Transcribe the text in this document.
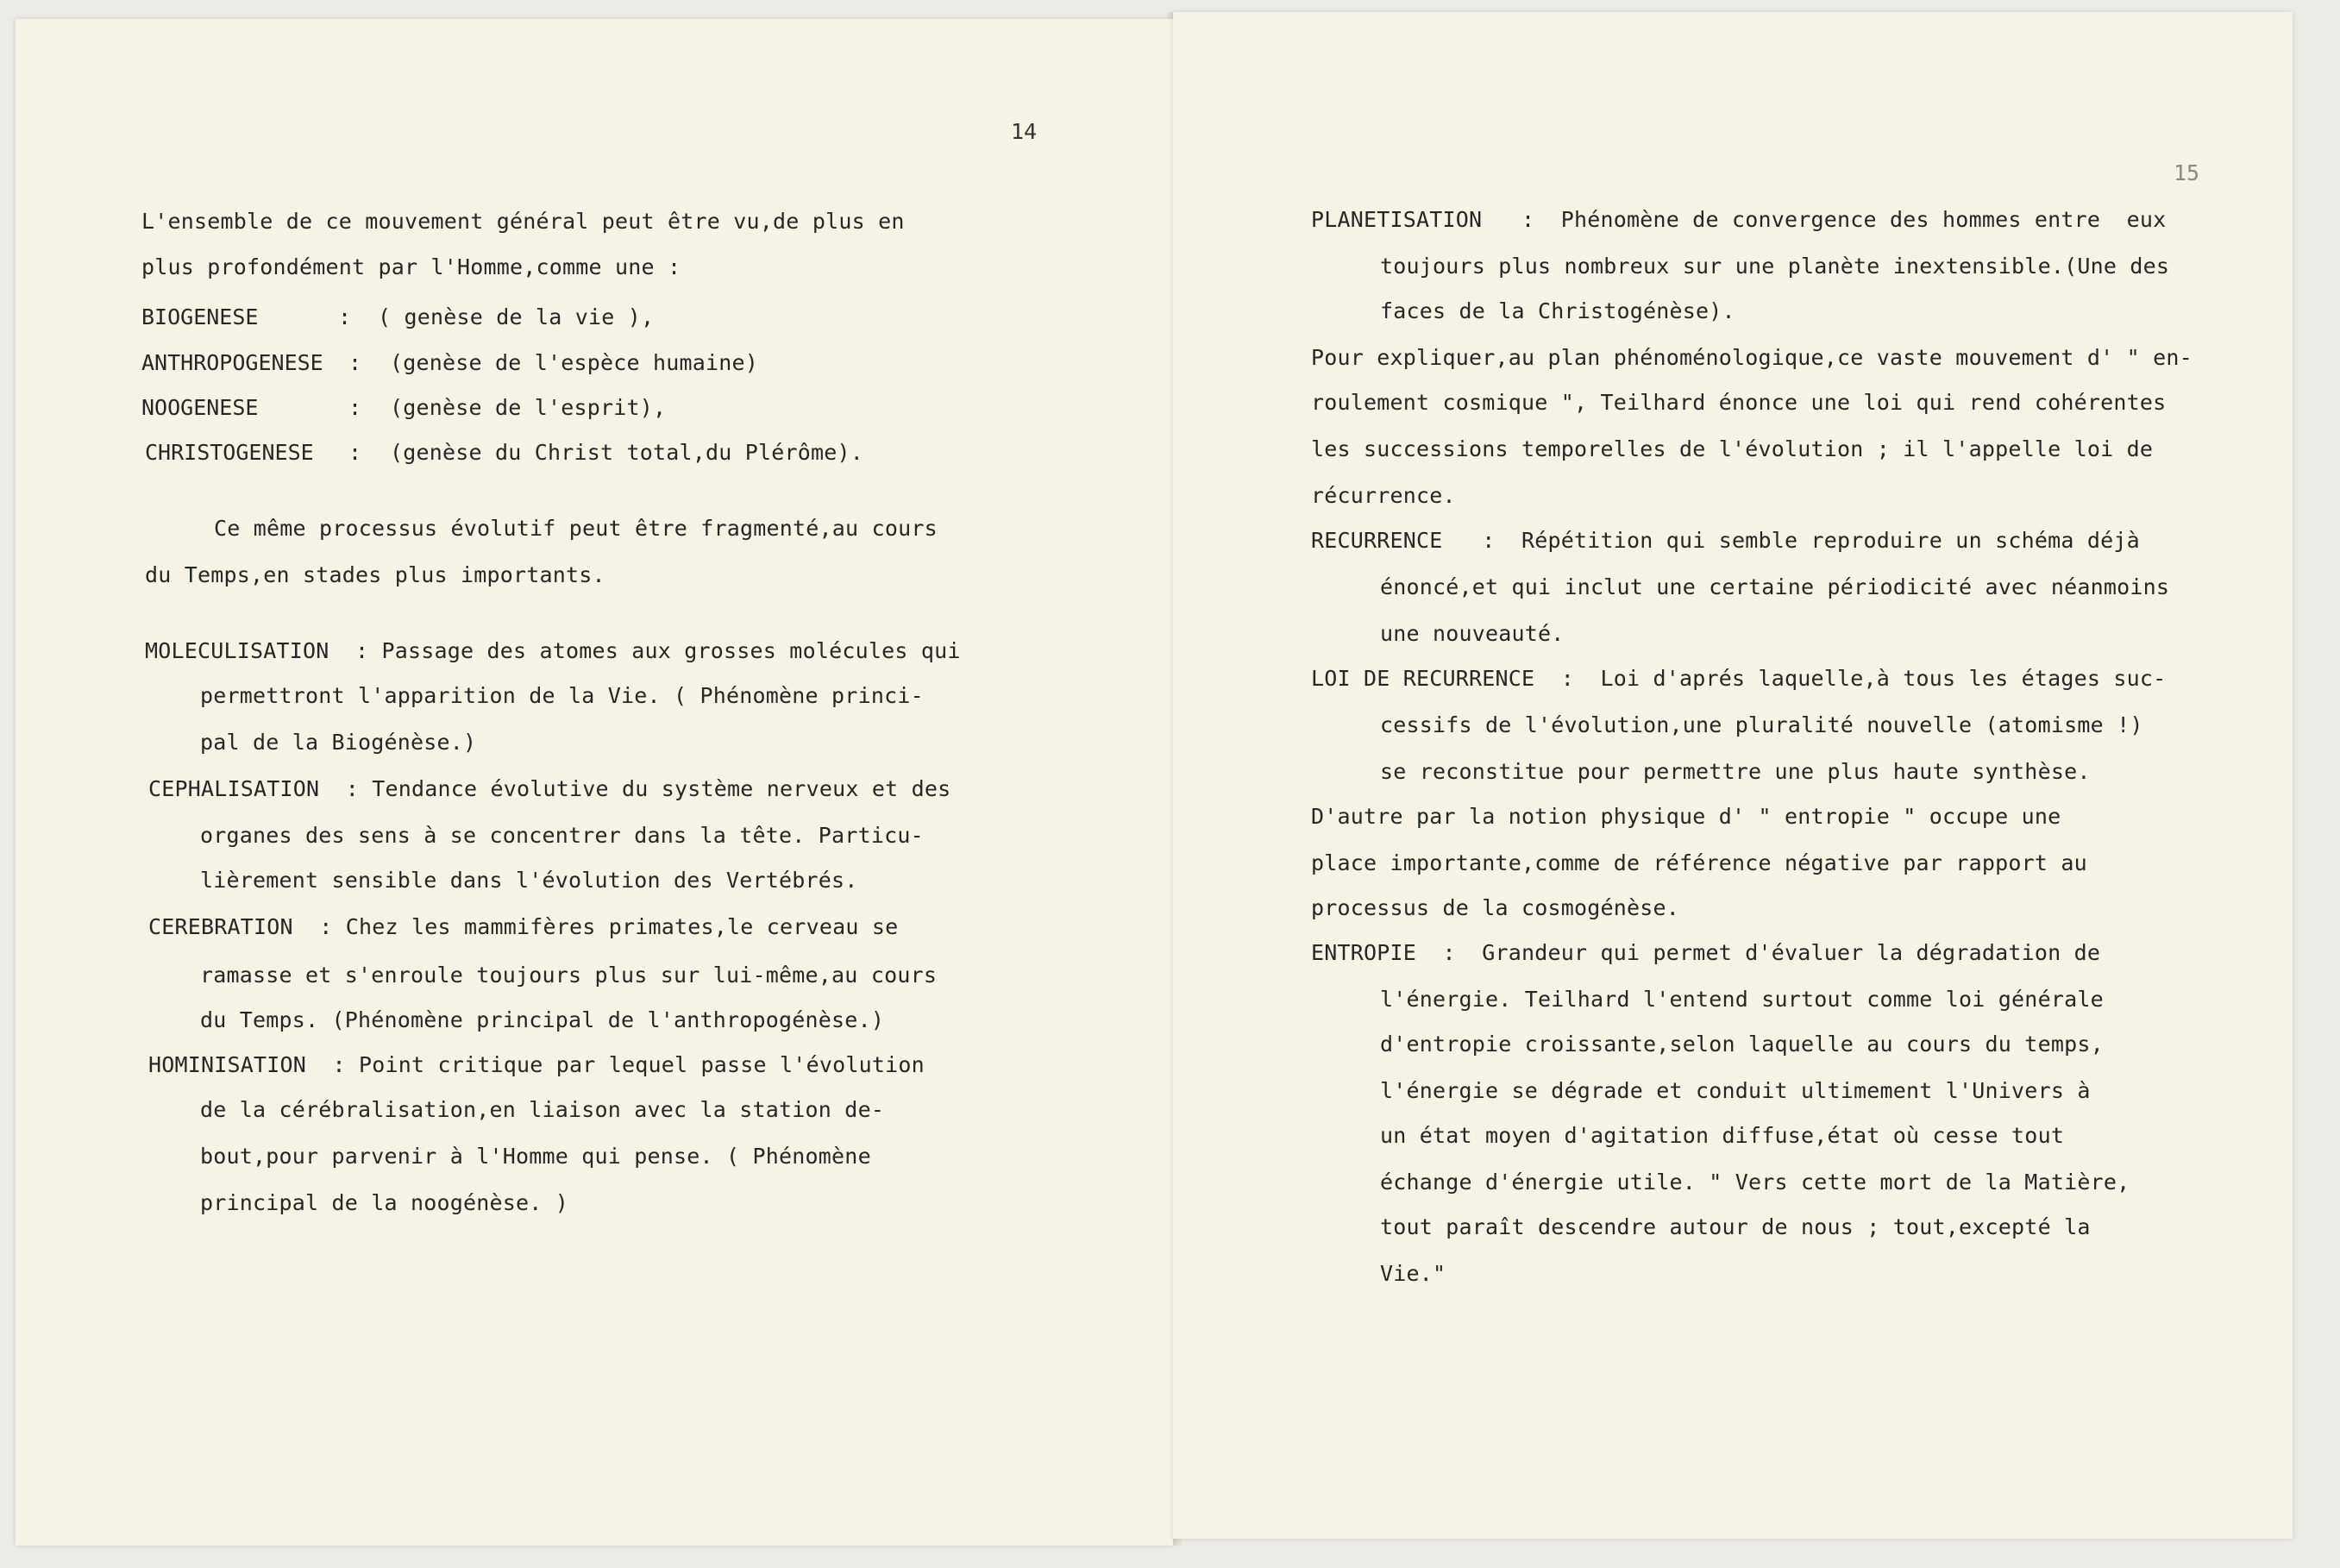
14
L'ensemble de ce mouvement général peut être vu,de plus en
plus profondément par l'Homme,comme une :
BIOGENESE	: ( genèse de la vie ),
ANTHROPOGENESE : (genèse de l'espèce humaine)
NOOGENESE	: (genèse de l'esprit),
CHRISTOGENESE : (genèse du Christ total,du Plérôme).
Ce même processus évolutif peut être fragmenté,au cours
du Temps,en stades plus importants.
MOLECULISATION  : Passage des atomes aux grosses molécules qui
permettront l'apparition de la Vie. ( Phénomène princi-
pal de la Biogénèse.)
CEPHALISATION  : Tendance évolutive du système nerveux et des
organes des sens à se concentrer dans la tête. Particu-
lièrement sensible dans l'évolution des Vertébrés.
CEREBRATION  : Chez les mammifères primates,le cerveau se
ramasse et s'enroule toujours plus sur lui-même,au cours
du Temps. (Phénomène principal de l'anthropogénèse.)
HOMINISATION  : Point critique par lequel passe l'évolution
de la cérébralisation,en liaison avec la station de-
bout,pour parvenir à l'Homme qui pense. ( Phénomène
principal de la noogénèse. )
15
PLANETISATION   :  Phénomène de convergence des hommes entre  eux
toujours plus nombreux sur une planète inextensible.(Une des
faces de la Christogénèse).
Pour expliquer,au plan phénoménologique,ce vaste mouvement d' " en-
roulement cosmique ", Teilhard énonce une loi qui rend cohérentes
les successions temporelles de l'évolution ; il l'appelle loi de
récurrence.
RECURRENCE   :  Répétition qui semble reproduire un schéma déjà
énoncé,et qui inclut une certaine périodicité avec néanmoins
une nouveauté.
LOI DE RECURRENCE  :  Loi d'aprés laquelle,à tous les étages suc-
cessifs de l'évolution,une pluralité nouvelle (atomisme !)
se reconstitue pour permettre une plus haute synthèse.
D'autre par la notion physique d' " entropie " occupe une
place importante,comme de référence négative par rapport au
processus de la cosmogénèse.
ENTROPIE  :  Grandeur qui permet d'évaluer la dégradation de
l'énergie. Teilhard l'entend surtout comme loi générale
d'entropie croissante,selon laquelle au cours du temps,
l'énergie se dégrade et conduit ultimement l'Univers à
un état moyen d'agitation diffuse,état où cesse tout
échange d'énergie utile. " Vers cette mort de la Matière,
tout paraît descendre autour de nous ; tout,excepté la
Vie."
